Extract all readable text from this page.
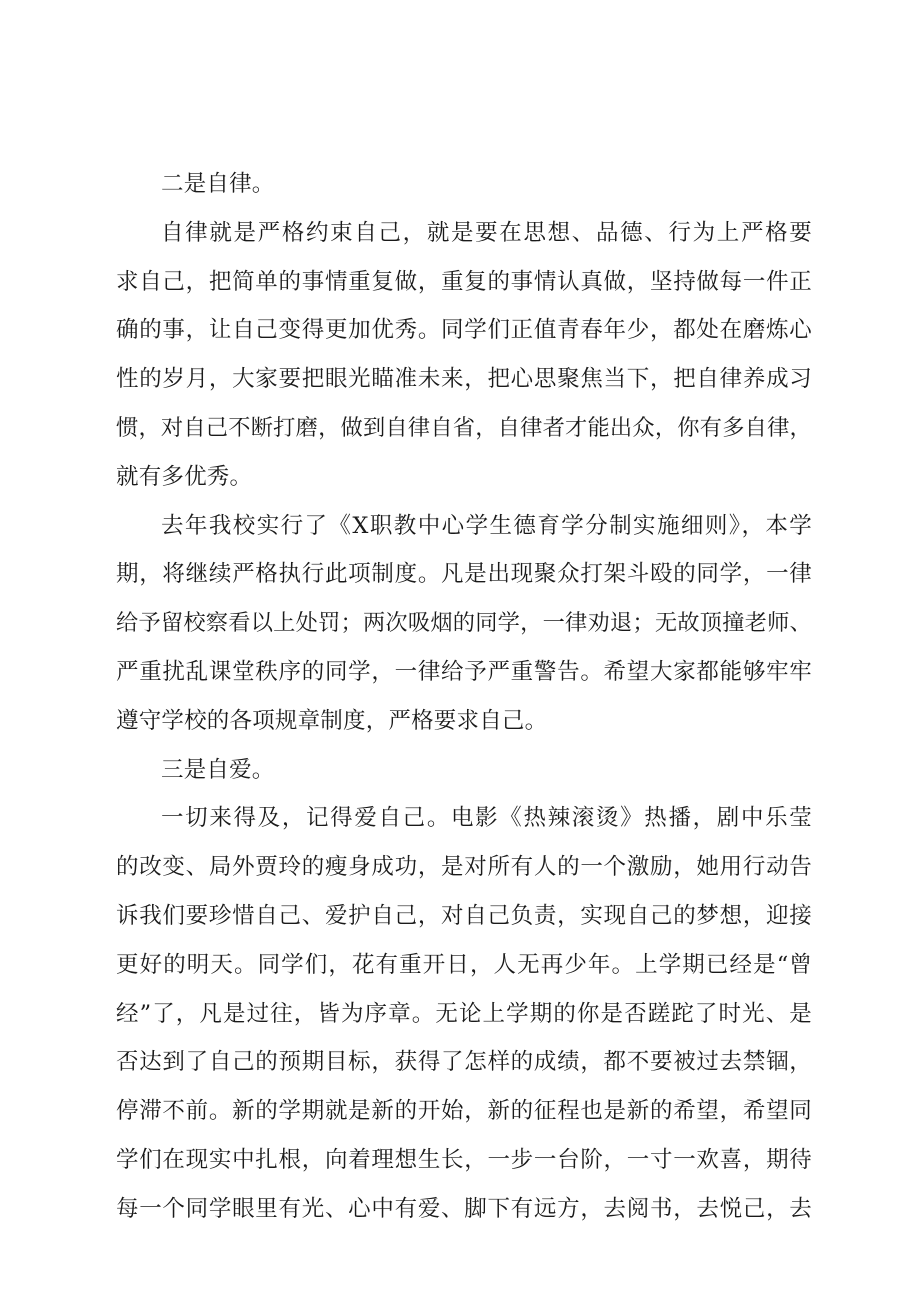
二是自律。
自律就是严格约束自己，就是要在思想、品德、行为上严格要
求自己，把简单的事情重复做，重复的事情认真做，坚持做每一件正
确的事，让自己变得更加优秀。同学们正值青春年少，都处在磨炼心
性的岁月，大家要把眼光瞄准未来，把心思聚焦当下，把自律养成习
惯，对自己不断打磨，做到自律自省，自律者才能出众，你有多自律，
就有多优秀。
去年我校实行了《X职教中心学生德育学分制实施细则》，本学
期，将继续严格执行此项制度。凡是出现聚众打架斗殴的同学，一律
给予留校察看以上处罚；两次吸烟的同学，一律劝退；无故顶撞老师、
严重扰乱课堂秩序的同学，一律给予严重警告。希望大家都能够牢牢
遵守学校的各项规章制度，严格要求自己。
三是自爱。
一切来得及，记得爱自己。电影《热辣滚烫》热播，剧中乐莹
的改变、局外贾玲的瘦身成功，是对所有人的一个激励，她用行动告
诉我们要珍惜自己、爱护自己，对自己负责，实现自己的梦想，迎接
更好的明天。同学们，花有重开日，人无再少年。上学期已经是“曾
经”了，凡是过往，皆为序章。无论上学期的你是否蹉跎了时光、是
否达到了自己的预期目标，获得了怎样的成绩，都不要被过去禁锢，
停滞不前。新的学期就是新的开始，新的征程也是新的希望，希望同
学们在现实中扎根，向着理想生长，一步一台阶，一寸一欢喜，期待
每一个同学眼里有光、心中有爱、脚下有远方，去阅书，去悦己，去
